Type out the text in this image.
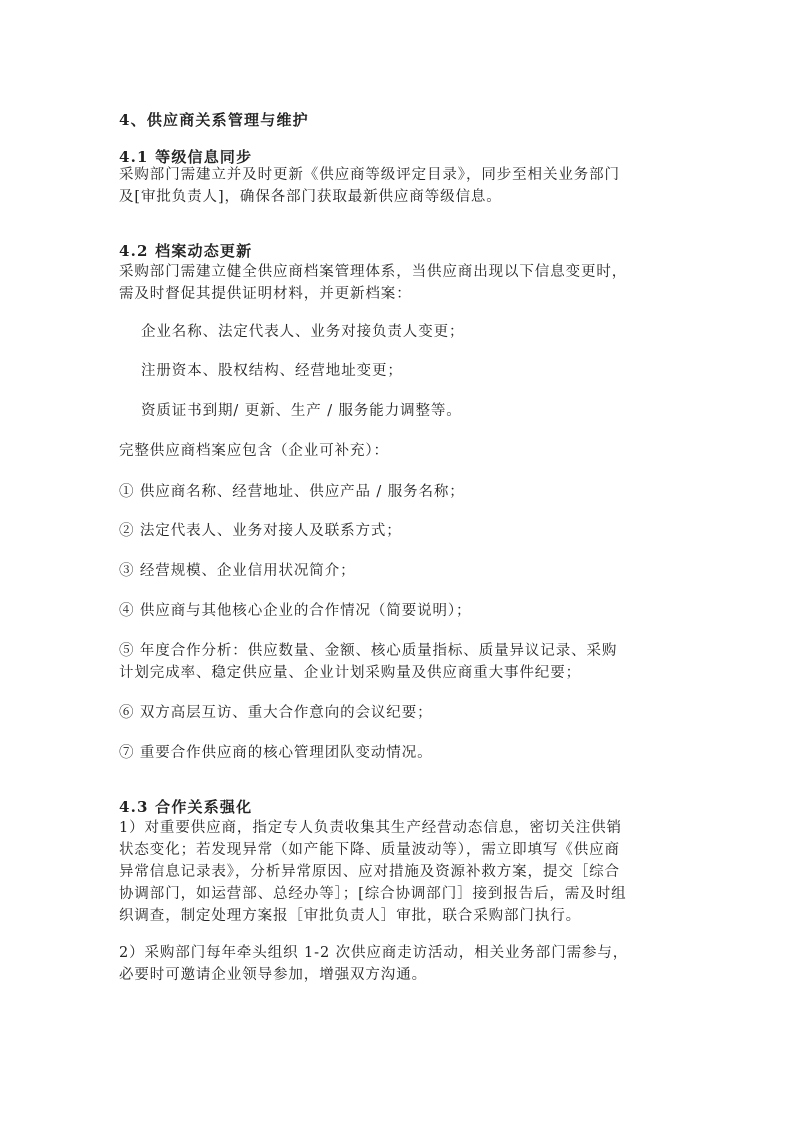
4、供应商关系管理与维护

4.1 等级信息同步

采购部门需建立并及时更新《供应商等级评定目录》，同步至相关业务部门

及[审批负责人]，确保各部门获取最新供应商等级信息。

4.2 档案动态更新

采购部门需建立健全供应商档案管理体系，当供应商出现以下信息变更时，

需及时督促其提供证明材料，并更新档案：

企业名称、法定代表人、业务对接负责人变更；

注册资本、股权结构、经营地址变更；

资质证书到期/ 更新、生产 / 服务能力调整等。

完整供应商档案应包含（企业可补充）：

① 供应商名称、经营地址、供应产品 / 服务名称；

② 法定代表人、业务对接人及联系方式；

③ 经营规模、企业信用状况简介；

④ 供应商与其他核心企业的合作情况（简要说明）；

⑤ 年度合作分析：供应数量、金额、核心质量指标、质量异议记录、采购

计划完成率、稳定供应量、企业计划采购量及供应商重大事件纪要；

⑥ 双方高层互访、重大合作意向的会议纪要；

⑦ 重要合作供应商的核心管理团队变动情况。

4.3 合作关系强化

1）对重要供应商，指定专人负责收集其生产经营动态信息，密切关注供销

状态变化；若发现异常（如产能下降、质量波动等），需立即填写《供应商

异常信息记录表》，分析异常原因、应对措施及资源补救方案，提交［综合

协调部门，如运营部、总经办等］；[综合协调部门］接到报告后，需及时组

织调查，制定处理方案报［审批负责人］审批，联合采购部门执行。

2）采购部门每年牵头组织 1-2 次供应商走访活动，相关业务部门需参与，

必要时可邀请企业领导参加，增强双方沟通。
